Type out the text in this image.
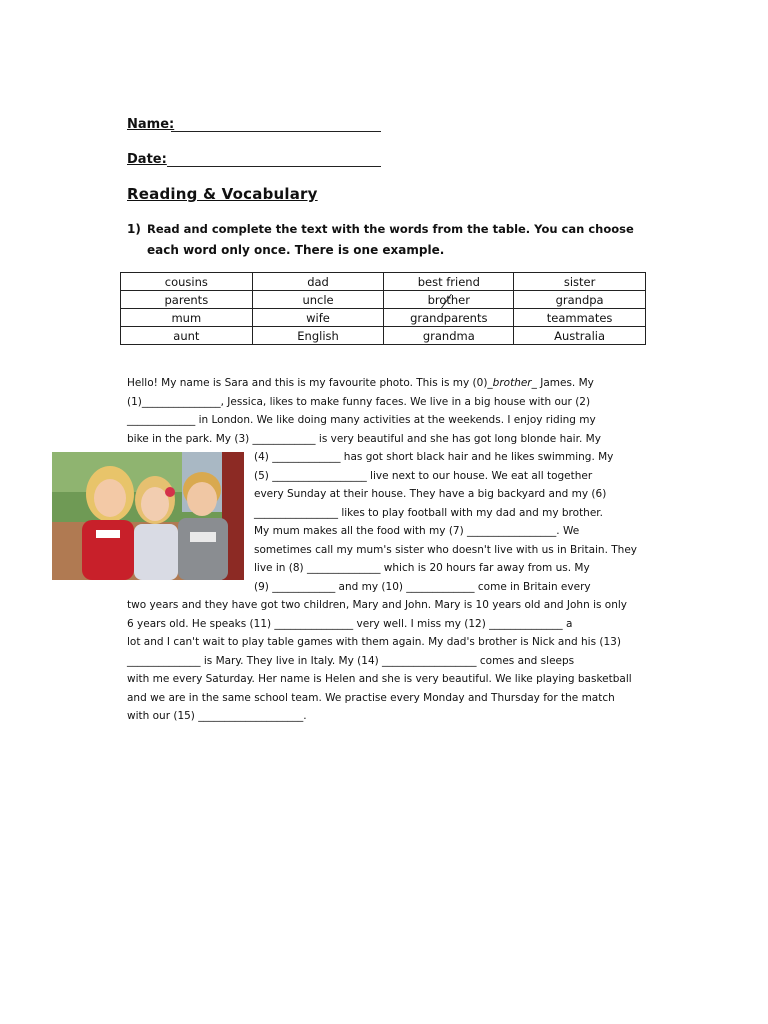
Name:
Date:
Reading & Vocabulary
1) Read and complete the text with the words from the table. You can choose
each word only once. There is one example.
cousins	dad	best friend	sister
parents	uncle	brother	grandpa
mum	wife	grandparents	teammates
aunt	English	grandma	Australia
Hello! My name is Sara and this is my favourite photo. This is my (0)_brother_ James. My
(1)_______________, Jessica, likes to make funny faces. We live in a big house with our (2)
_____________ in London. We like doing many activities at the weekends. I enjoy riding my
bike in the park. My (3) ____________ is very beautiful and she has got long blonde hair. My
(4) _____________ has got short black hair and he likes swimming. My
(5) __________________ live next to our house. We eat all together
every Sunday at their house. They have a big backyard and my (6)
________________ likes to play football with my dad and my brother.
My mum makes all the food with my (7) _________________. We
sometimes call my mum's sister who doesn't live with us in Britain. They
live in (8) ______________ which is 20 hours far away from us. My
(9) ____________ and my (10) _____________ come in Britain every
two years and they have got two children, Mary and John. Mary is 10 years old and John is only
6 years old. He speaks (11) _______________ very well. I miss my (12) ______________ a
lot and I can't wait to play table games with them again. My dad's brother is Nick and his (13)
______________ is Mary. They live in Italy. My (14) __________________ comes and sleeps
with me every Saturday. Her name is Helen and she is very beautiful. We like playing basketball
and we are in the same school team. We practise every Monday and Thursday for the match
with our (15) ____________________.
